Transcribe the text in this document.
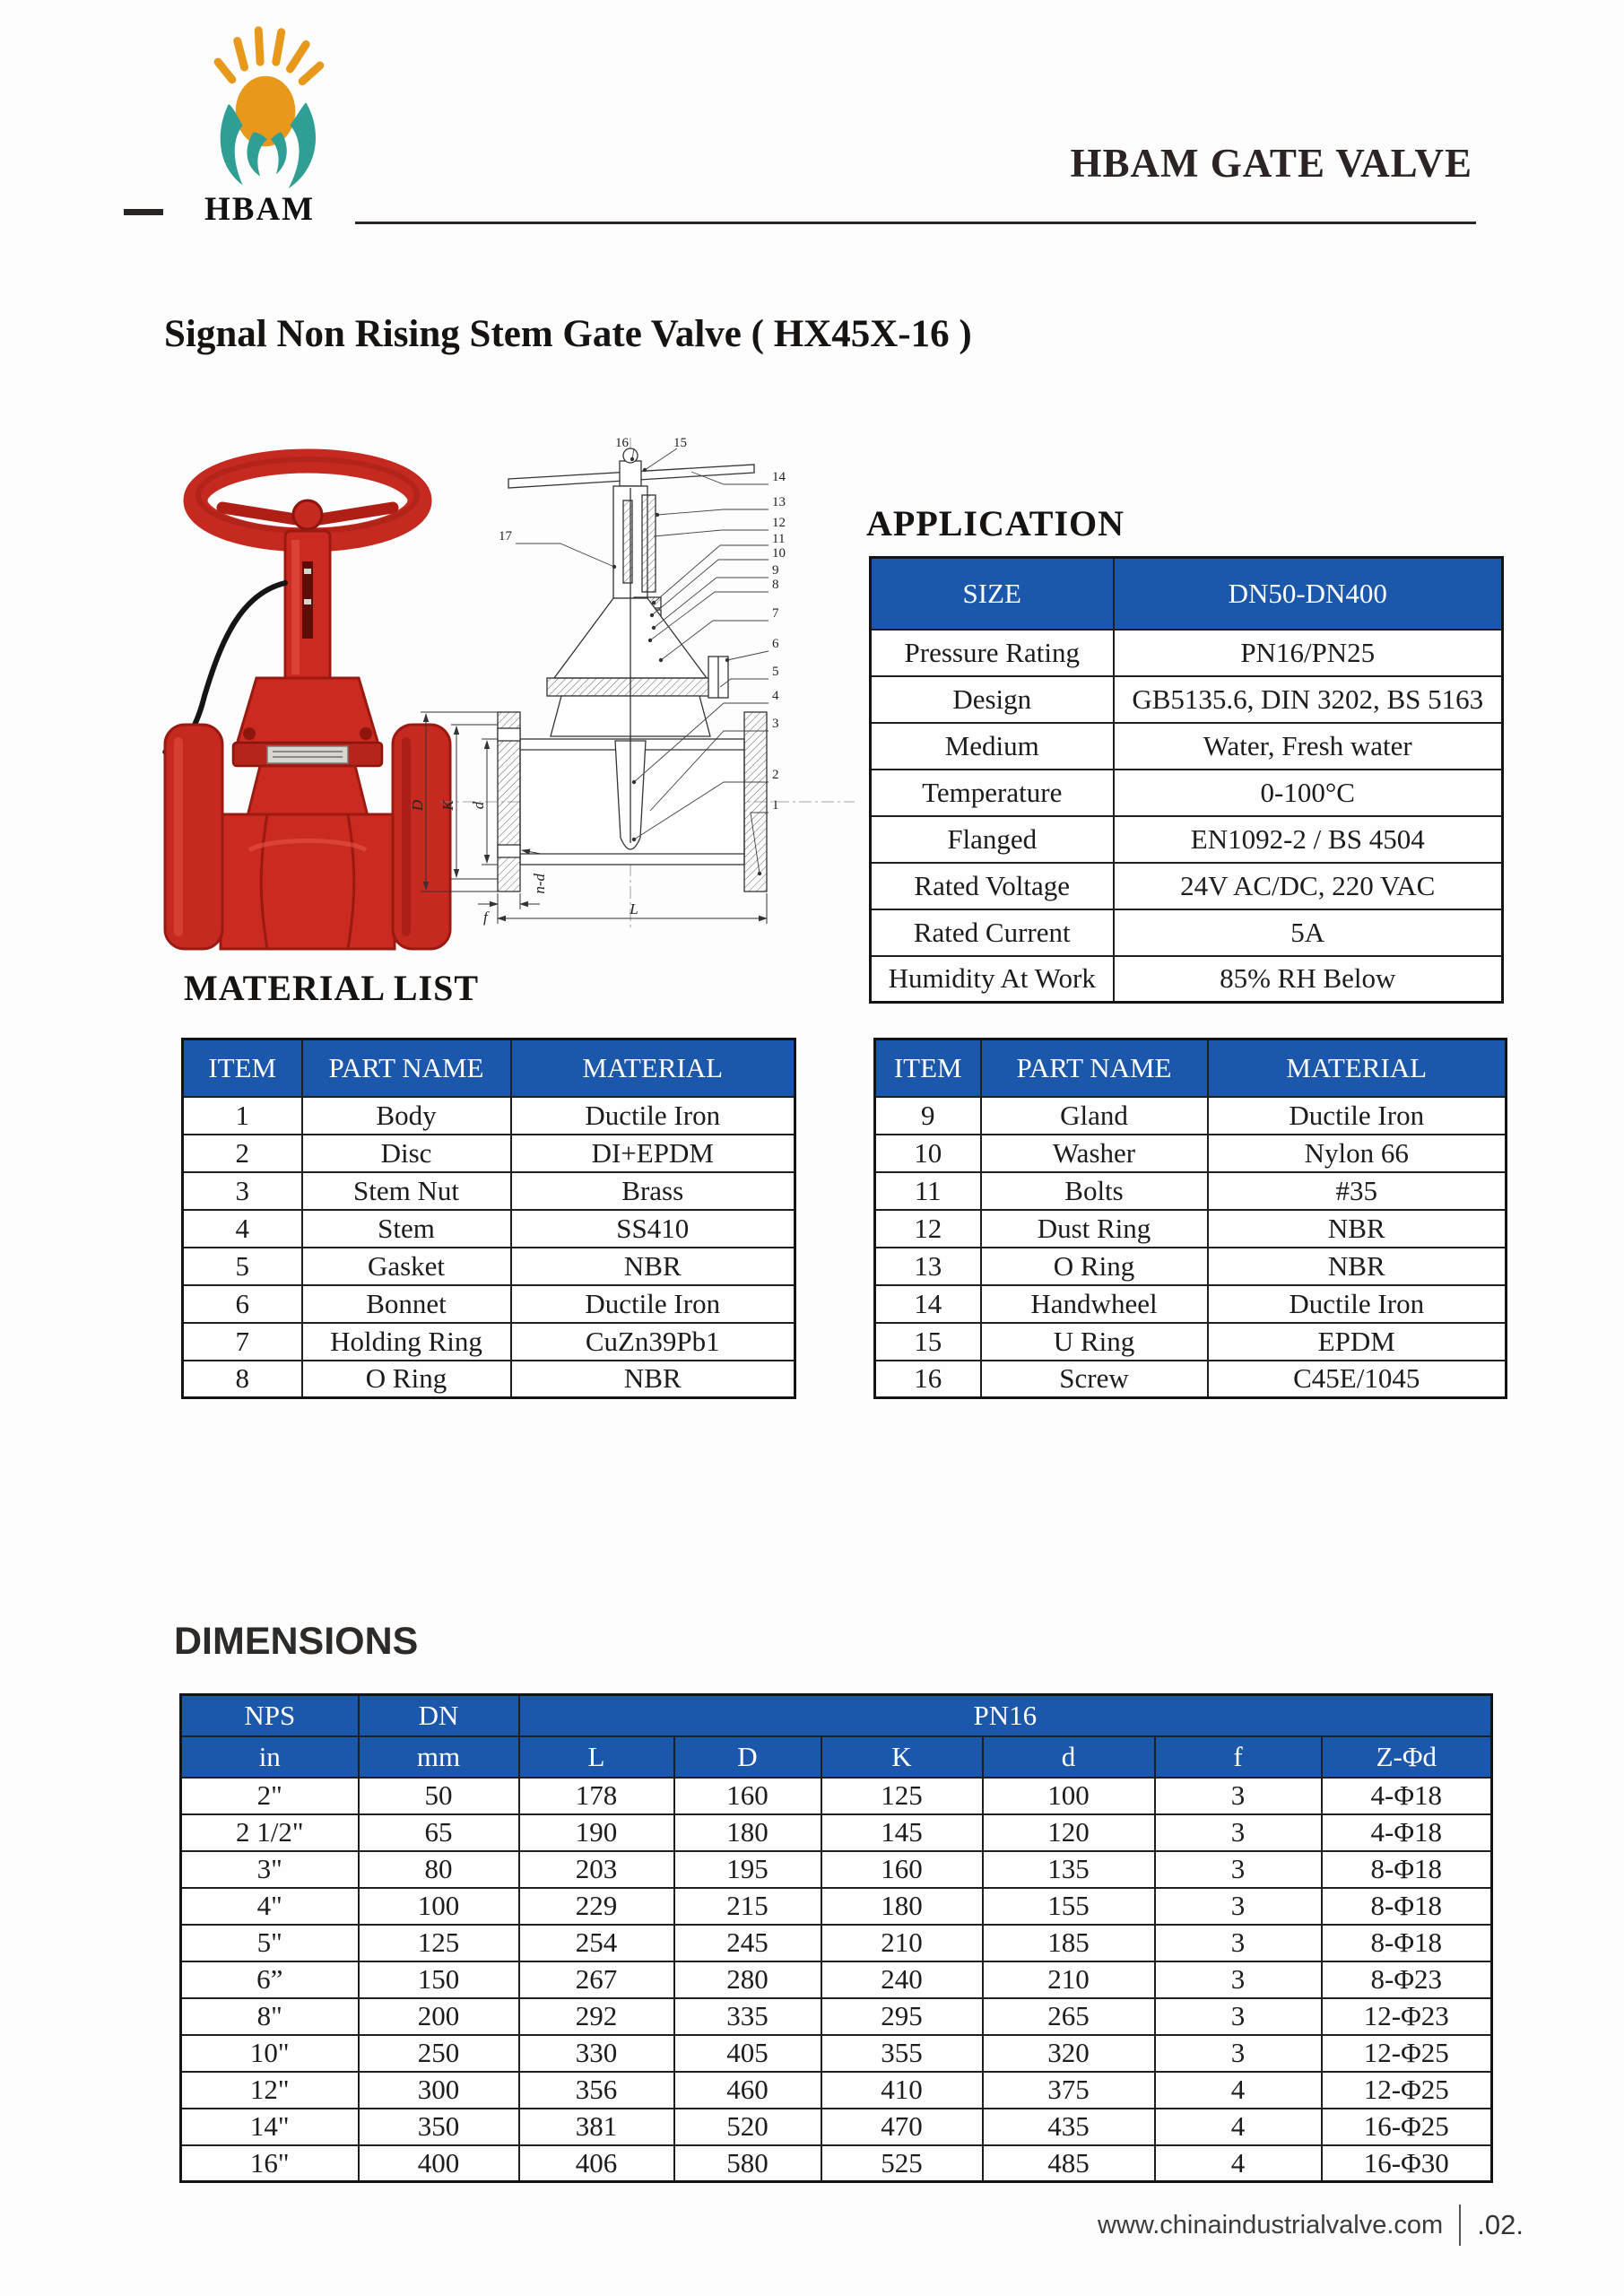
HBAM
HBAM GATE VALVE
Signal Non Rising Stem Gate Valve ( HX45X-16 )
16	15
17
14
13
12
11
10
9
8
7
6
5
4
3
2
1
D K d
f
n-d
L
APPLICATION
SIZE	DN50-DN400
Pressure Rating	PN16/PN25
Design	GB5135.6, DIN 3202, BS 5163
Medium	Water, Fresh water
Temperature	0-100°C
Flanged	EN1092-2 / BS 4504
Rated Voltage	24V AC/DC, 220 VAC
Rated Current	5A
Humidity At Work	85% RH Below
MATERIAL LIST
ITEM	PART NAME	MATERIAL
1	Body	Ductile Iron
2	Disc	DI+EPDM
3	Stem Nut	Brass
4	Stem	SS410
5	Gasket	NBR
6	Bonnet	Ductile Iron
7	Holding Ring	CuZn39Pb1
8	O Ring	NBR
ITEM	PART NAME	MATERIAL
9	Gland	Ductile Iron
10	Washer	Nylon 66
11	Bolts	#35
12	Dust Ring	NBR
13	O Ring	NBR
14	Handwheel	Ductile Iron
15	U Ring	EPDM
16	Screw	C45E/1045
DIMENSIONS
NPS	DN	PN16					
in	mm	L	D	K	d	f	Z-Φd
2"	50	178	160	125	100	3	4-Φ18
2 1/2"	65	190	180	145	120	3	4-Φ18
3"	80	203	195	160	135	3	8-Φ18
4"	100	229	215	180	155	3	8-Φ18
5"	125	254	245	210	185	3	8-Φ18
6”	150	267	280	240	210	3	8-Φ23
8"	200	292	335	295	265	3	12-Φ23
10"	250	330	405	355	320	3	12-Φ25
12"	300	356	460	410	375	4	12-Φ25
14"	350	381	520	470	435	4	16-Φ25
16"	400	406	580	525	485	4	16-Φ30
www.chinaindustrialvalve.com .02.
